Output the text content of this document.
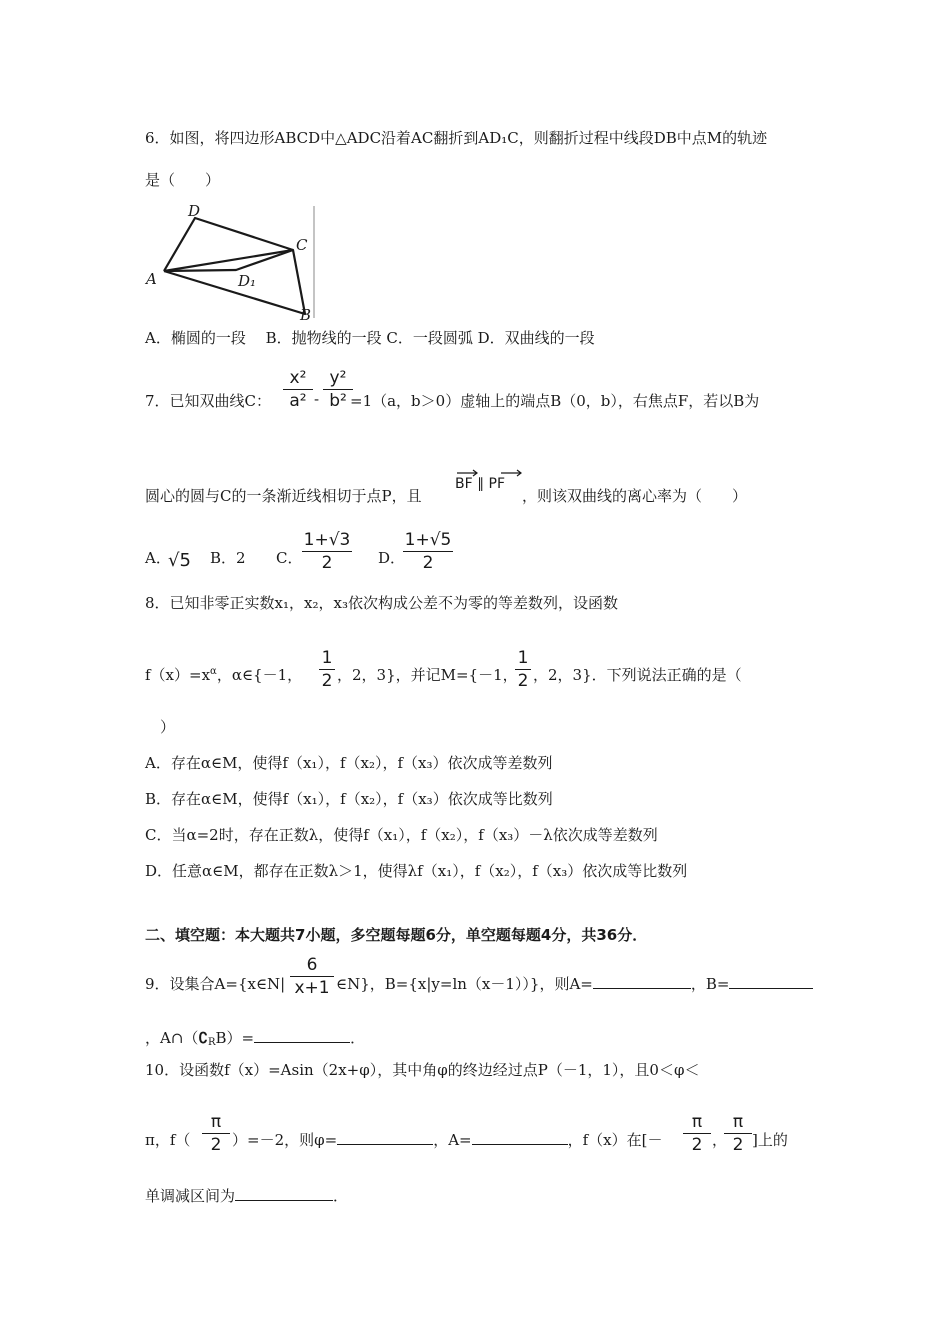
6．如图，将四边形ABCD中△ADC沿着AC翻折到AD₁C，则翻折过程中线段DB中点M的轨迹
是（　　）
D
C
A	D₁
B
A．椭圆的一段　 B．抛物线的一段 C．一段圆弧 D．双曲线的一段
7．已知双曲线C：
x²
a² -
y²
b² =1（a，b＞0）虚轴上的端点B（0，b），右焦点F，若以B为
圆心的圆与C的一条渐近线相切于点P，且
BF ∥ PF
，则该双曲线的离心率为（　　）
A．
√5 B．2 C．
1+√3
2	D．
1+√5
2
8．已知非零正实数x₁，x₂，x₃依次构成公差不为零的等差数列，设函数
$f(x)=x^\alpha$，α∈{－1，
1
2 ，2，3}，并记M={－1，
1
2 ，2，3}．下列说法正确的是（
）
A．存在α∈M，使得f（x₁），f（x₂），f（x₃）依次成等差数列
B．存在α∈M，使得f（x₁），f（x₂），f（x₃）依次成等比数列
C．当α=2时，存在正数λ，使得f（x₁），f（x₂），f（x₃）－λ依次成等差数列
D．任意α∈M，都存在正数λ＞1，使得λf（x₁），f（x₂），f（x₃）依次成等比数列
二、填空题：本大题共7小题，多空题每题6分，单空题每题4分，共36分．
9．设集合A={x∈N|
6
x+1 ∈N}，B={x|y=ln（x－1））}，则A=	，B=
，$A\cap(∁_RB)=$	．
10．设函数f（x）=Asin（2x+φ），其中角φ的终边经过点P（－1，1），且0＜φ＜
π，f（
π
2 ）=－2，则φ=	，A=	，f（x）在[－
π
2 ，
π
2 ]上的
单调减区间为	．
